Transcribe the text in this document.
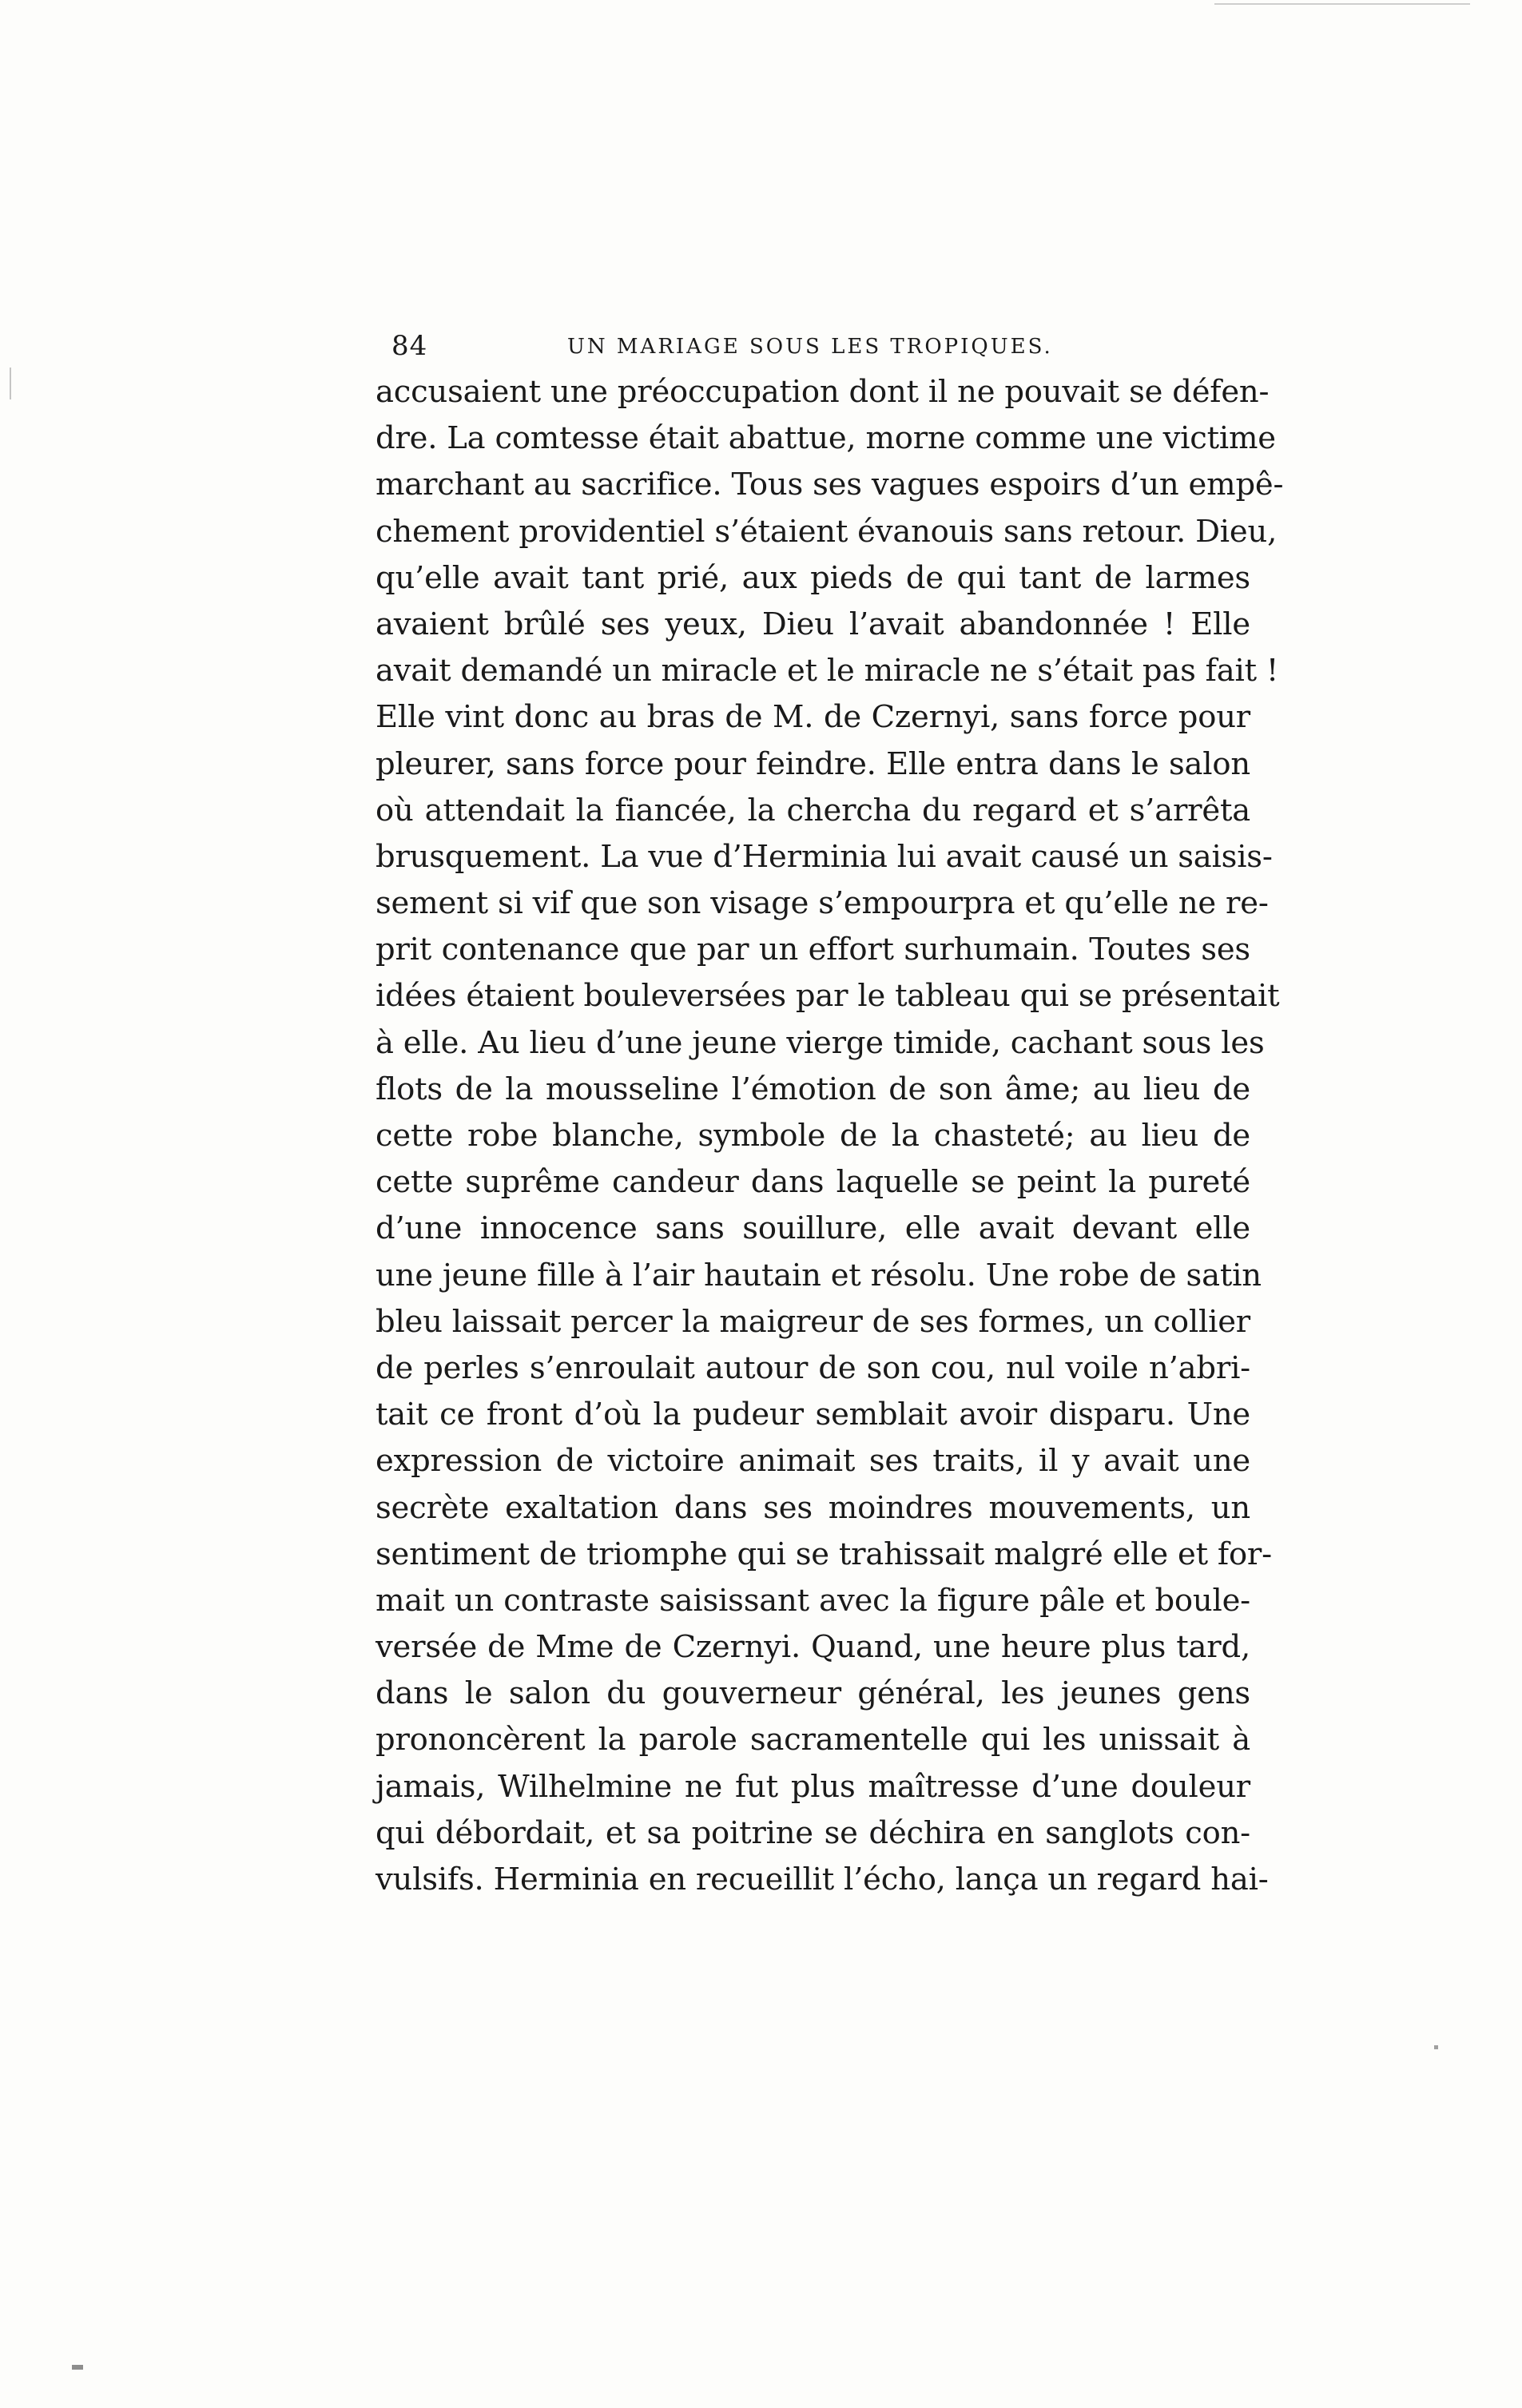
84	UN MARIAGE SOUS LES TROPIQUES.
accusaient une préoccupation dont il ne pouvait se défen-
dre. La comtesse était abattue, morne comme une victime
marchant au sacrifice. Tous ses vagues espoirs d’un empê-
chement providentiel s’étaient évanouis sans retour. Dieu,
qu’elle avait tant prié, aux pieds de qui tant de larmes
avaient brûlé ses yeux, Dieu l’avait abandonnée ! Elle
avait demandé un miracle et le miracle ne s’était pas fait !
Elle vint donc au bras de M. de Czernyi, sans force pour
pleurer, sans force pour feindre. Elle entra dans le salon
où attendait la fiancée, la chercha du regard et s’arrêta
brusquement. La vue d’Herminia lui avait causé un saisis-
sement si vif que son visage s’empourpra et qu’elle ne re-
prit contenance que par un effort surhumain. Toutes ses
idées étaient bouleversées par le tableau qui se présentait
à elle. Au lieu d’une jeune vierge timide, cachant sous les
flots de la mousseline l’émotion de son âme; au lieu de
cette robe blanche, symbole de la chasteté; au lieu de
cette suprême candeur dans laquelle se peint la pureté
d’une innocence sans souillure, elle avait devant elle
une jeune fille à l’air hautain et résolu. Une robe de satin
bleu laissait percer la maigreur de ses formes, un collier
de perles s’enroulait autour de son cou, nul voile n’abri-
tait ce front d’où la pudeur semblait avoir disparu. Une
expression de victoire animait ses traits, il y avait une
secrète exaltation dans ses moindres mouvements, un
sentiment de triomphe qui se trahissait malgré elle et for-
mait un contraste saisissant avec la figure pâle et boule-
versée de Mme de Czernyi. Quand, une heure plus tard,
dans le salon du gouverneur général, les jeunes gens
prononcèrent la parole sacramentelle qui les unissait à
jamais, Wilhelmine ne fut plus maîtresse d’une douleur
qui débordait, et sa poitrine se déchira en sanglots con-
vulsifs. Herminia en recueillit l’écho, lança un regard hai-
